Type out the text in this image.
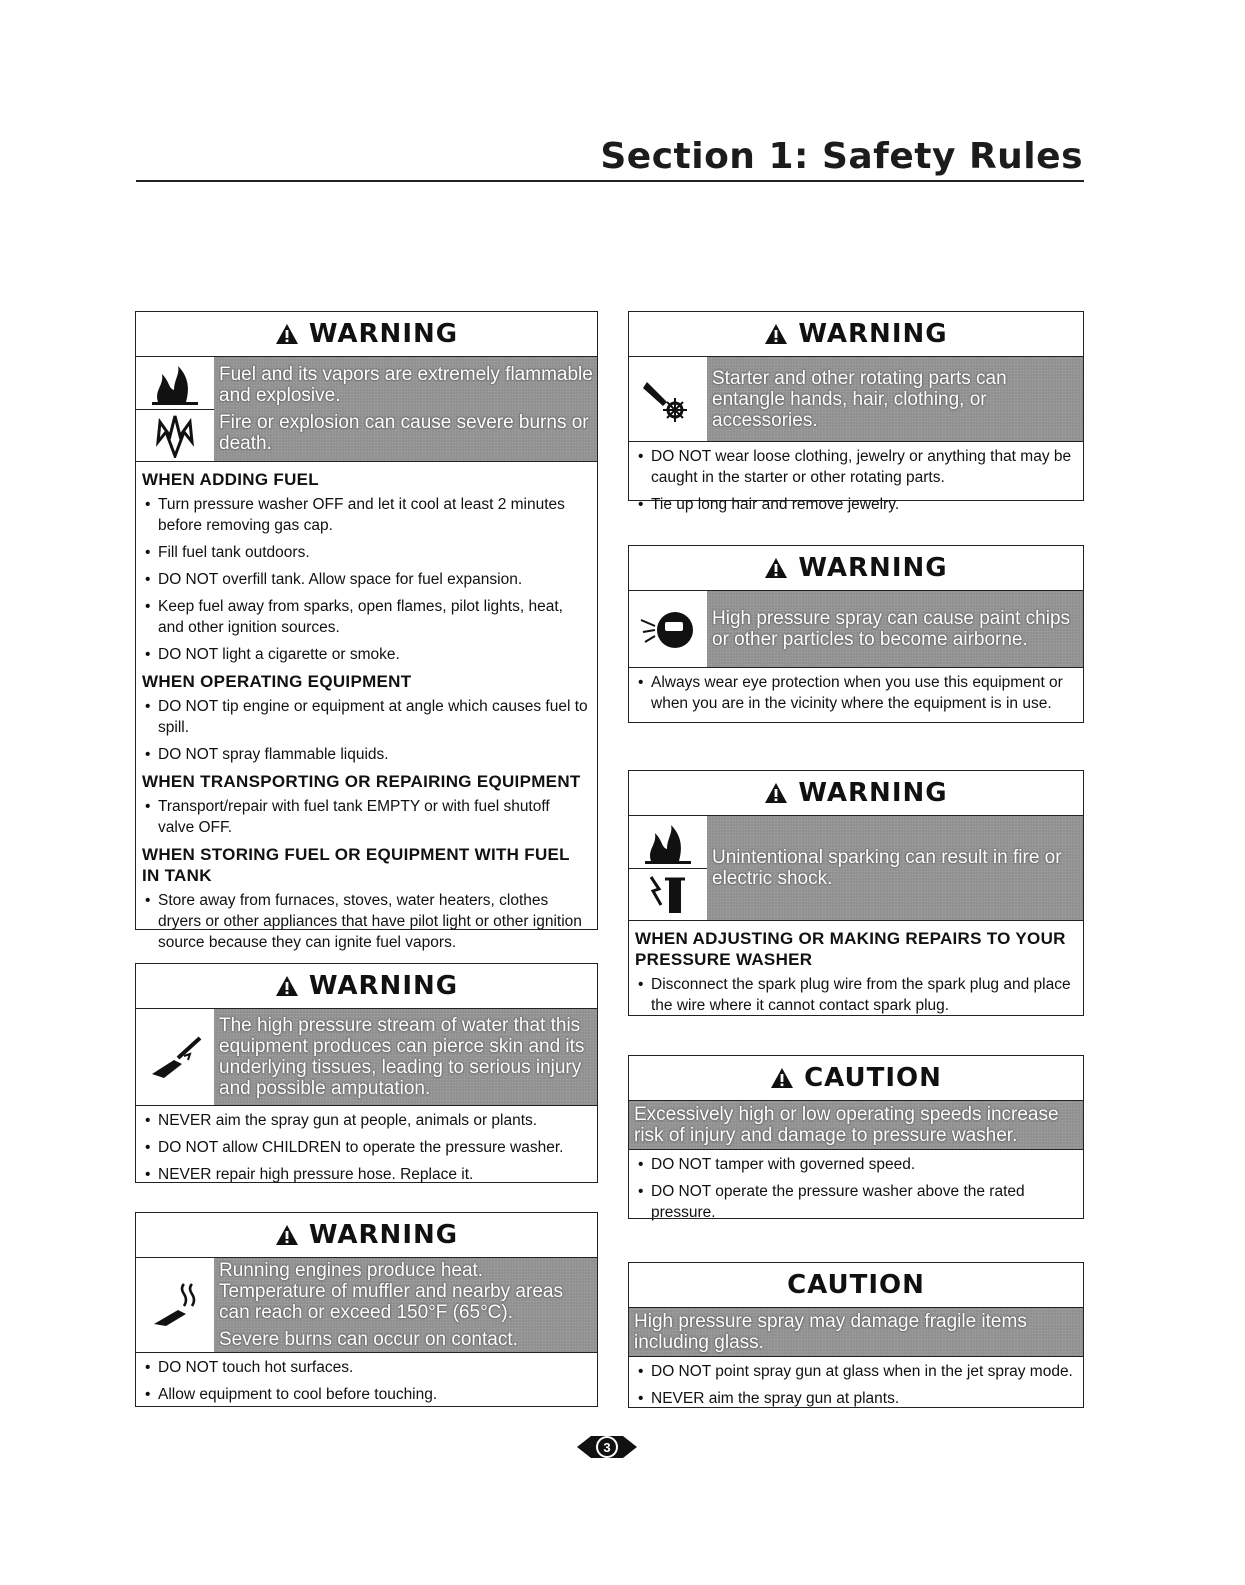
Section 1: Safety Rules
WARNING
Fuel and its vapors are extremely flammable and explosive.
Fire or explosion can cause severe burns or death.
WHEN ADDING FUEL
• Turn pressure washer OFF and let it cool at least 2 minutes before removing gas cap.
• Fill fuel tank outdoors.
• DO NOT overfill tank. Allow space for fuel expansion.
• Keep fuel away from sparks, open flames, pilot lights, heat, and other ignition sources.
• DO NOT light a cigarette or smoke.
WHEN OPERATING EQUIPMENT
• DO NOT tip engine or equipment at angle which causes fuel to spill.
• DO NOT spray flammable liquids.
WHEN TRANSPORTING OR REPAIRING EQUIPMENT
• Transport/repair with fuel tank EMPTY or with fuel shutoff valve OFF.
WHEN STORING FUEL OR EQUIPMENT WITH FUEL IN TANK
• Store away from furnaces, stoves, water heaters, clothes dryers or other appliances that have pilot light or other ignition source because they can ignite fuel vapors.
WARNING
The high pressure stream of water that this equipment produces can pierce skin and its underlying tissues, leading to serious injury and possible amputation.
• NEVER aim the spray gun at people, animals or plants.
• DO NOT allow CHILDREN to operate the pressure washer.
• NEVER repair high pressure hose. Replace it.
WARNING
Running engines produce heat. Temperature of muffler and nearby areas can reach or exceed 150°F (65°C).
Severe burns can occur on contact.
• DO NOT touch hot surfaces.
• Allow equipment to cool before touching.
WARNING
Starter and other rotating parts can entangle hands, hair, clothing, or accessories.
• DO NOT wear loose clothing, jewelry or anything that may be caught in the starter or other rotating parts.
• Tie up long hair and remove jewelry.
WARNING
High pressure spray can cause paint chips or other particles to become airborne.
• Always wear eye protection when you use this equipment or when you are in the vicinity where the equipment is in use.
WARNING
Unintentional sparking can result in fire or electric shock.
WHEN ADJUSTING OR MAKING REPAIRS TO YOUR PRESSURE WASHER
• Disconnect the spark plug wire from the spark plug and place the wire where it cannot contact spark plug.
CAUTION
Excessively high or low operating speeds increase risk of injury and damage to pressure washer.
• DO NOT tamper with governed speed.
• DO NOT operate the pressure washer above the rated pressure.
CAUTION
High pressure spray may damage fragile items including glass.
• DO NOT point spray gun at glass when in the jet spray mode.
• NEVER aim the spray gun at plants.
3
